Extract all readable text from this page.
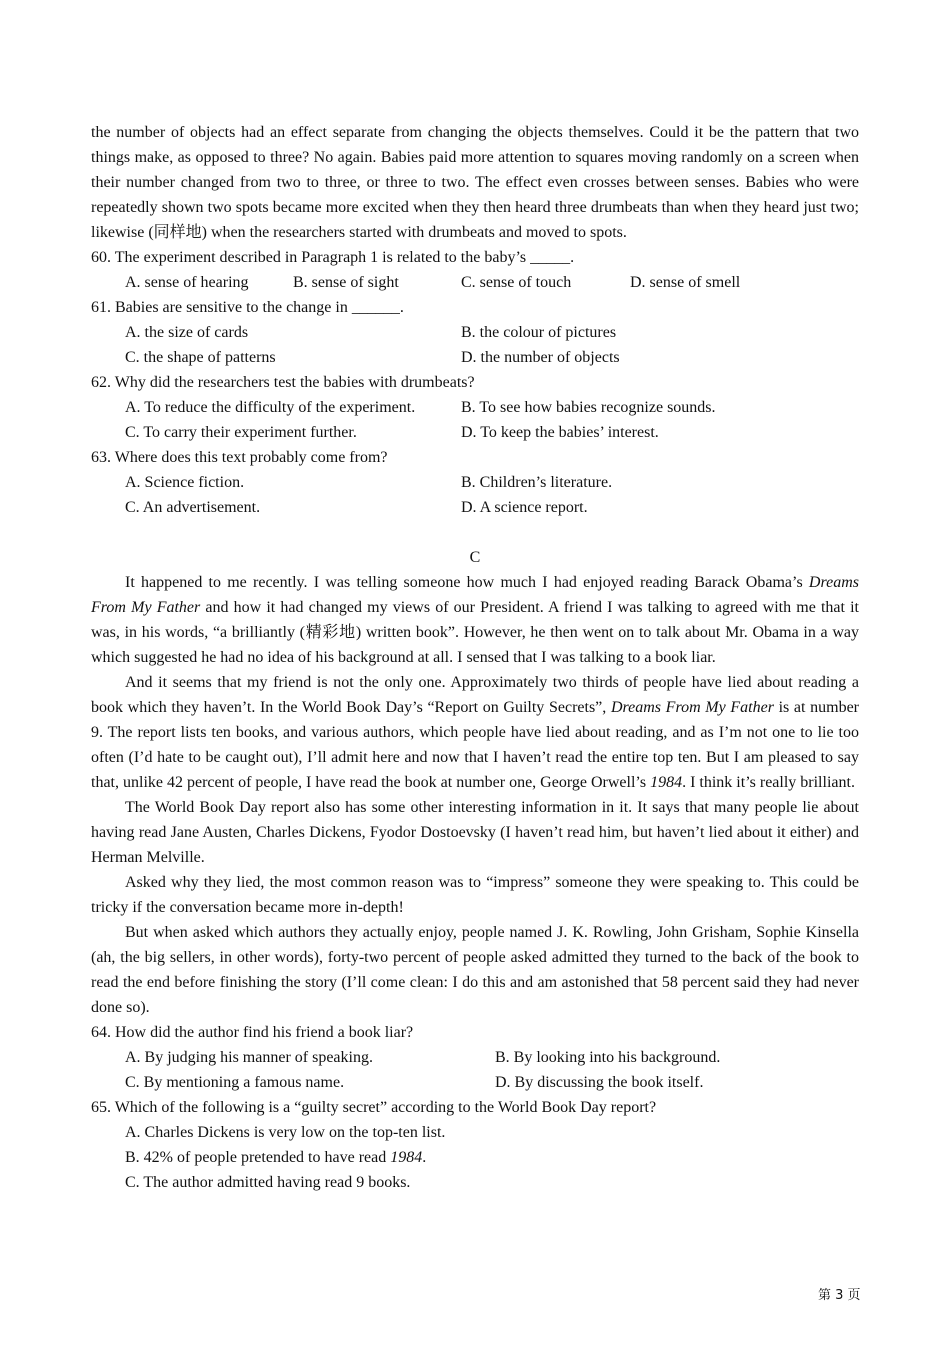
the number of objects had an effect separate from changing the objects themselves. Could it be the pattern that two things make, as opposed to three? No again. Babies paid more attention to squares moving randomly on a screen when their number changed from two to three, or three to two. The effect even crosses between senses. Babies who were repeatedly shown two spots became more excited when they then heard three drumbeats than when they heard just two; likewise (同样地) when the researchers started with drumbeats and moved to spots.

60. The experiment described in Paragraph 1 is related to the baby’s _____.
A. sense of hearing	B. sense of sight	C. sense of touch	D. sense of smell
61. Babies are sensitive to the change in ______.
A. the size of cards	B. the colour of pictures
C. the shape of patterns	D. the number of objects
62. Why did the researchers test the babies with drumbeats?
A. To reduce the difficulty of the experiment.	B. To see how babies recognize sounds.
C. To carry their experiment further.	D. To keep the babies’ interest.
63. Where does this text probably come from?
A. Science fiction.	B. Children’s literature.
C. An advertisement.	D. A science report.
C

It happened to me recently. I was telling someone how much I had enjoyed reading Barack Obama’s Dreams From My Father and how it had changed my views of our President. A friend I was talking to agreed with me that it was, in his words, “a brilliantly (精彩地) written book”. However, he then went on to talk about Mr. Obama in a way which suggested he had no idea of his background at all. I sensed that I was talking to a book liar.

And it seems that my friend is not the only one. Approximately two thirds of people have lied about reading a book which they haven’t. In the World Book Day’s “Report on Guilty Secrets”, Dreams From My Father is at number 9. The report lists ten books, and various authors, which people have lied about reading, and as I’m not one to lie too often (I’d hate to be caught out), I’ll admit here and now that I haven’t read the entire top ten. But I am pleased to say that, unlike 42 percent of people, I have read the book at number one, George Orwell’s 1984. I think it’s really brilliant.

The World Book Day report also has some other interesting information in it. It says that many people lie about having read Jane Austen, Charles Dickens, Fyodor Dostoevsky (I haven’t read him, but haven’t lied about it either) and Herman Melville.

Asked why they lied, the most common reason was to “impress” someone they were speaking to. This could be tricky if the conversation became more in-depth!

But when asked which authors they actually enjoy, people named J. K. Rowling, John Grisham, Sophie Kinsella (ah, the big sellers, in other words), forty-two percent of people asked admitted they turned to the back of the book to read the end before finishing the story (I’ll come clean: I do this and am astonished that 58 percent said they had never done so).

64. How did the author find his friend a book liar?
A. By judging his manner of speaking.	B. By looking into his background.
C. By mentioning a famous name.	D. By discussing the book itself.
65. Which of the following is a “guilty secret” according to the World Book Day report?
A. Charles Dickens is very low on the top-ten list.
B. 42% of people pretended to have read 1984.
C. The author admitted having read 9 books.
第 3 页
